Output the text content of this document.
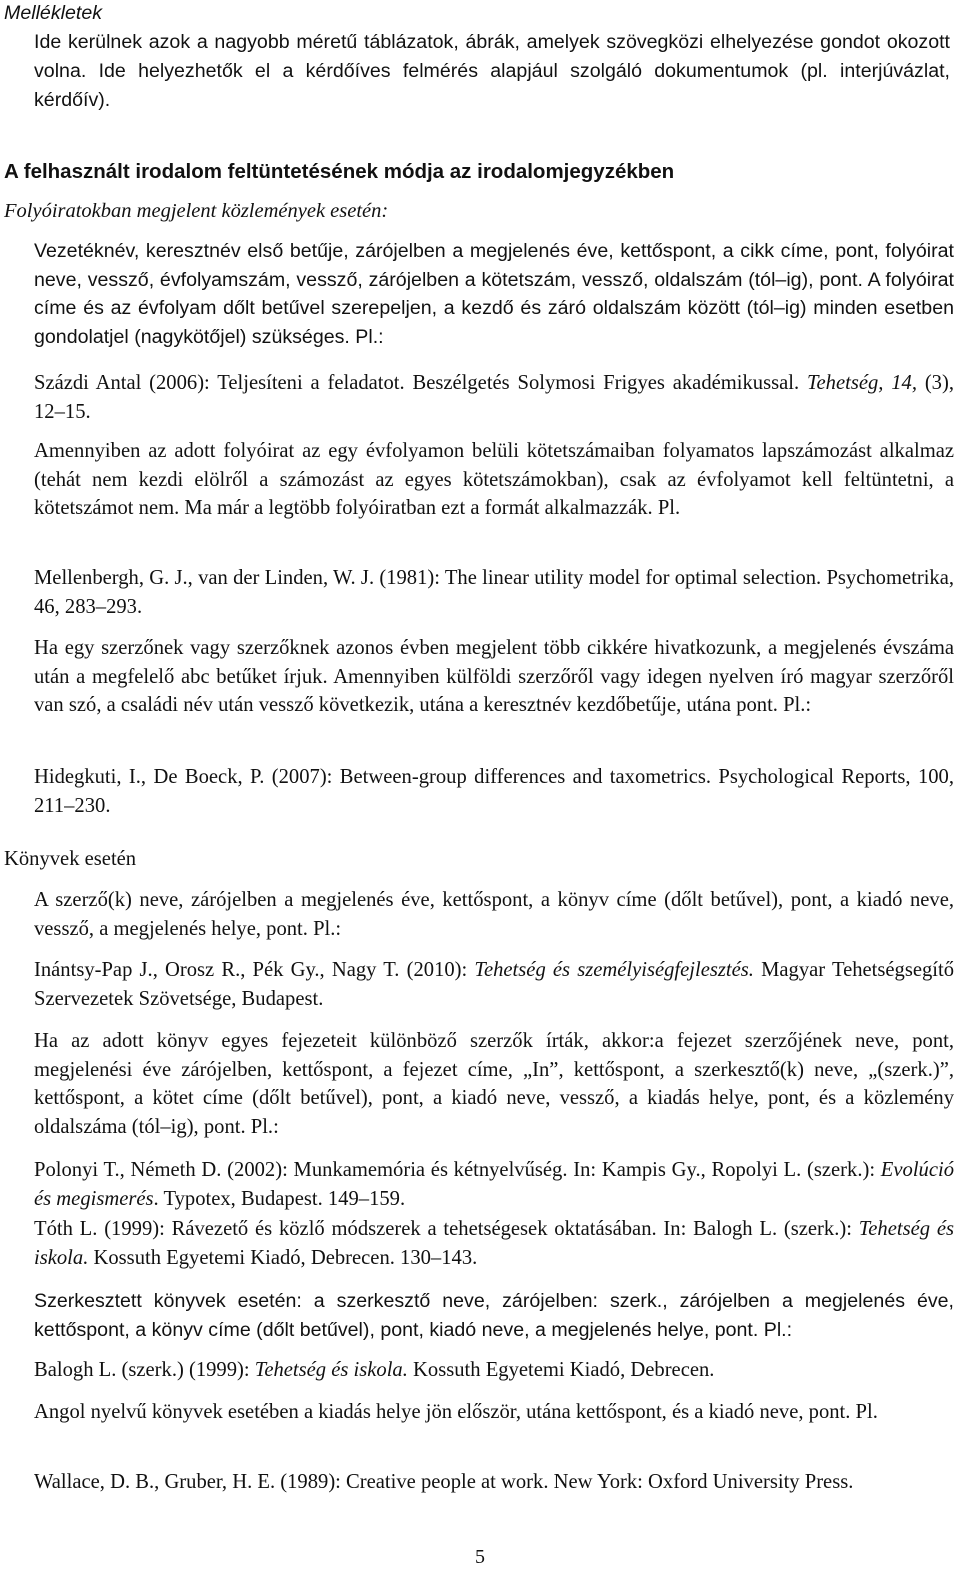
Mellékletek

Ide kerülnek azok a nagyobb méretű táblázatok, ábrák, amelyek szövegközi elhelyezése gondot okozott volna. Ide helyezhetők el a kérdőíves felmérés alapjául szolgáló dokumentumok (pl. interjúvázlat, kérdőív).

A felhasznált irodalom feltüntetésének módja az irodalomjegyzékben

Folyóiratokban megjelent közlemények esetén:

Vezetéknév, keresztnév első betűje, zárójelben a megjelenés éve, kettőspont, a cikk címe, pont, folyóirat neve, vessző, évfolyamszám, vessző, zárójelben a kötetszám, vessző, oldalszám (tól–ig), pont. A folyóirat címe és az évfolyam dőlt betűvel szerepeljen, a kezdő és záró oldalszám között (tól–ig) minden esetben gondolatjel (nagykötőjel) szükséges. Pl.:

Százdi Antal (2006): Teljesíteni a feladatot. Beszélgetés Solymosi Frigyes akadémikussal. Tehetség, 14, (3), 12–15.

Amennyiben az adott folyóirat az egy évfolyamon belüli kötetszámaiban folyamatos lapszámozást alkalmaz (tehát nem kezdi elölről a számozást az egyes kötetszámokban), csak az évfolyamot kell feltüntetni, a kötetszámot nem. Ma már a legtöbb folyóiratban ezt a formát alkalmazzák. Pl.

Mellenbergh, G. J., van der Linden, W. J. (1981): The linear utility model for optimal selection. Psychometrika, 46, 283–293.

Ha egy szerzőnek vagy szerzőknek azonos évben megjelent több cikkére hivatkozunk, a megjelenés évszáma után a megfelelő abc betűket írjuk. Amennyiben külföldi szerzőről vagy idegen nyelven író magyar szerzőről van szó, a családi név után vessző következik, utána a keresztnév kezdőbetűje, utána pont. Pl.:

Hidegkuti, I., De Boeck, P. (2007): Between-group differences and taxometrics. Psychological Reports, 100, 211–230.

Könyvek esetén

A szerző(k) neve, zárójelben a megjelenés éve, kettőspont, a könyv címe (dőlt betűvel), pont, a kiadó neve, vessző, a megjelenés helye, pont. Pl.:

Inántsy-Pap J., Orosz R., Pék Gy., Nagy T. (2010): Tehetség és személyiségfejlesztés. Magyar Tehetségsegítő Szervezetek Szövetsége, Budapest.

Ha az adott könyv egyes fejezeteit különböző szerzők írták, akkor:a fejezet szerzőjének neve, pont, megjelenési éve zárójelben, kettőspont, a fejezet címe, „In”, kettőspont, a szerkesztő(k) neve, „(szerk.)”, kettőspont, a kötet címe (dőlt betűvel), pont, a kiadó neve, vessző, a kiadás helye, pont, és a közlemény oldalszáma (tól–ig), pont. Pl.:

Polonyi T., Németh D. (2002): Munkamemória és kétnyelvűség. In: Kampis Gy., Ropolyi L. (szerk.): Evolúció és megismerés. Typotex, Budapest. 149–159.

Tóth L. (1999): Rávezető és közlő módszerek a tehetségesek oktatásában. In: Balogh L. (szerk.): Tehetség és iskola. Kossuth Egyetemi Kiadó, Debrecen. 130–143.

Szerkesztett könyvek esetén: a szerkesztő neve, zárójelben: szerk., zárójelben a megjelenés éve, kettőspont, a könyv címe (dőlt betűvel), pont, kiadó neve, a megjelenés helye, pont. Pl.:

Balogh L. (szerk.) (1999): Tehetség és iskola. Kossuth Egyetemi Kiadó, Debrecen.

Angol nyelvű könyvek esetében a kiadás helye jön először, utána kettőspont, és a kiadó neve, pont. Pl.

Wallace, D. B., Gruber, H. E. (1989): Creative people at work. New York: Oxford University Press.

5
